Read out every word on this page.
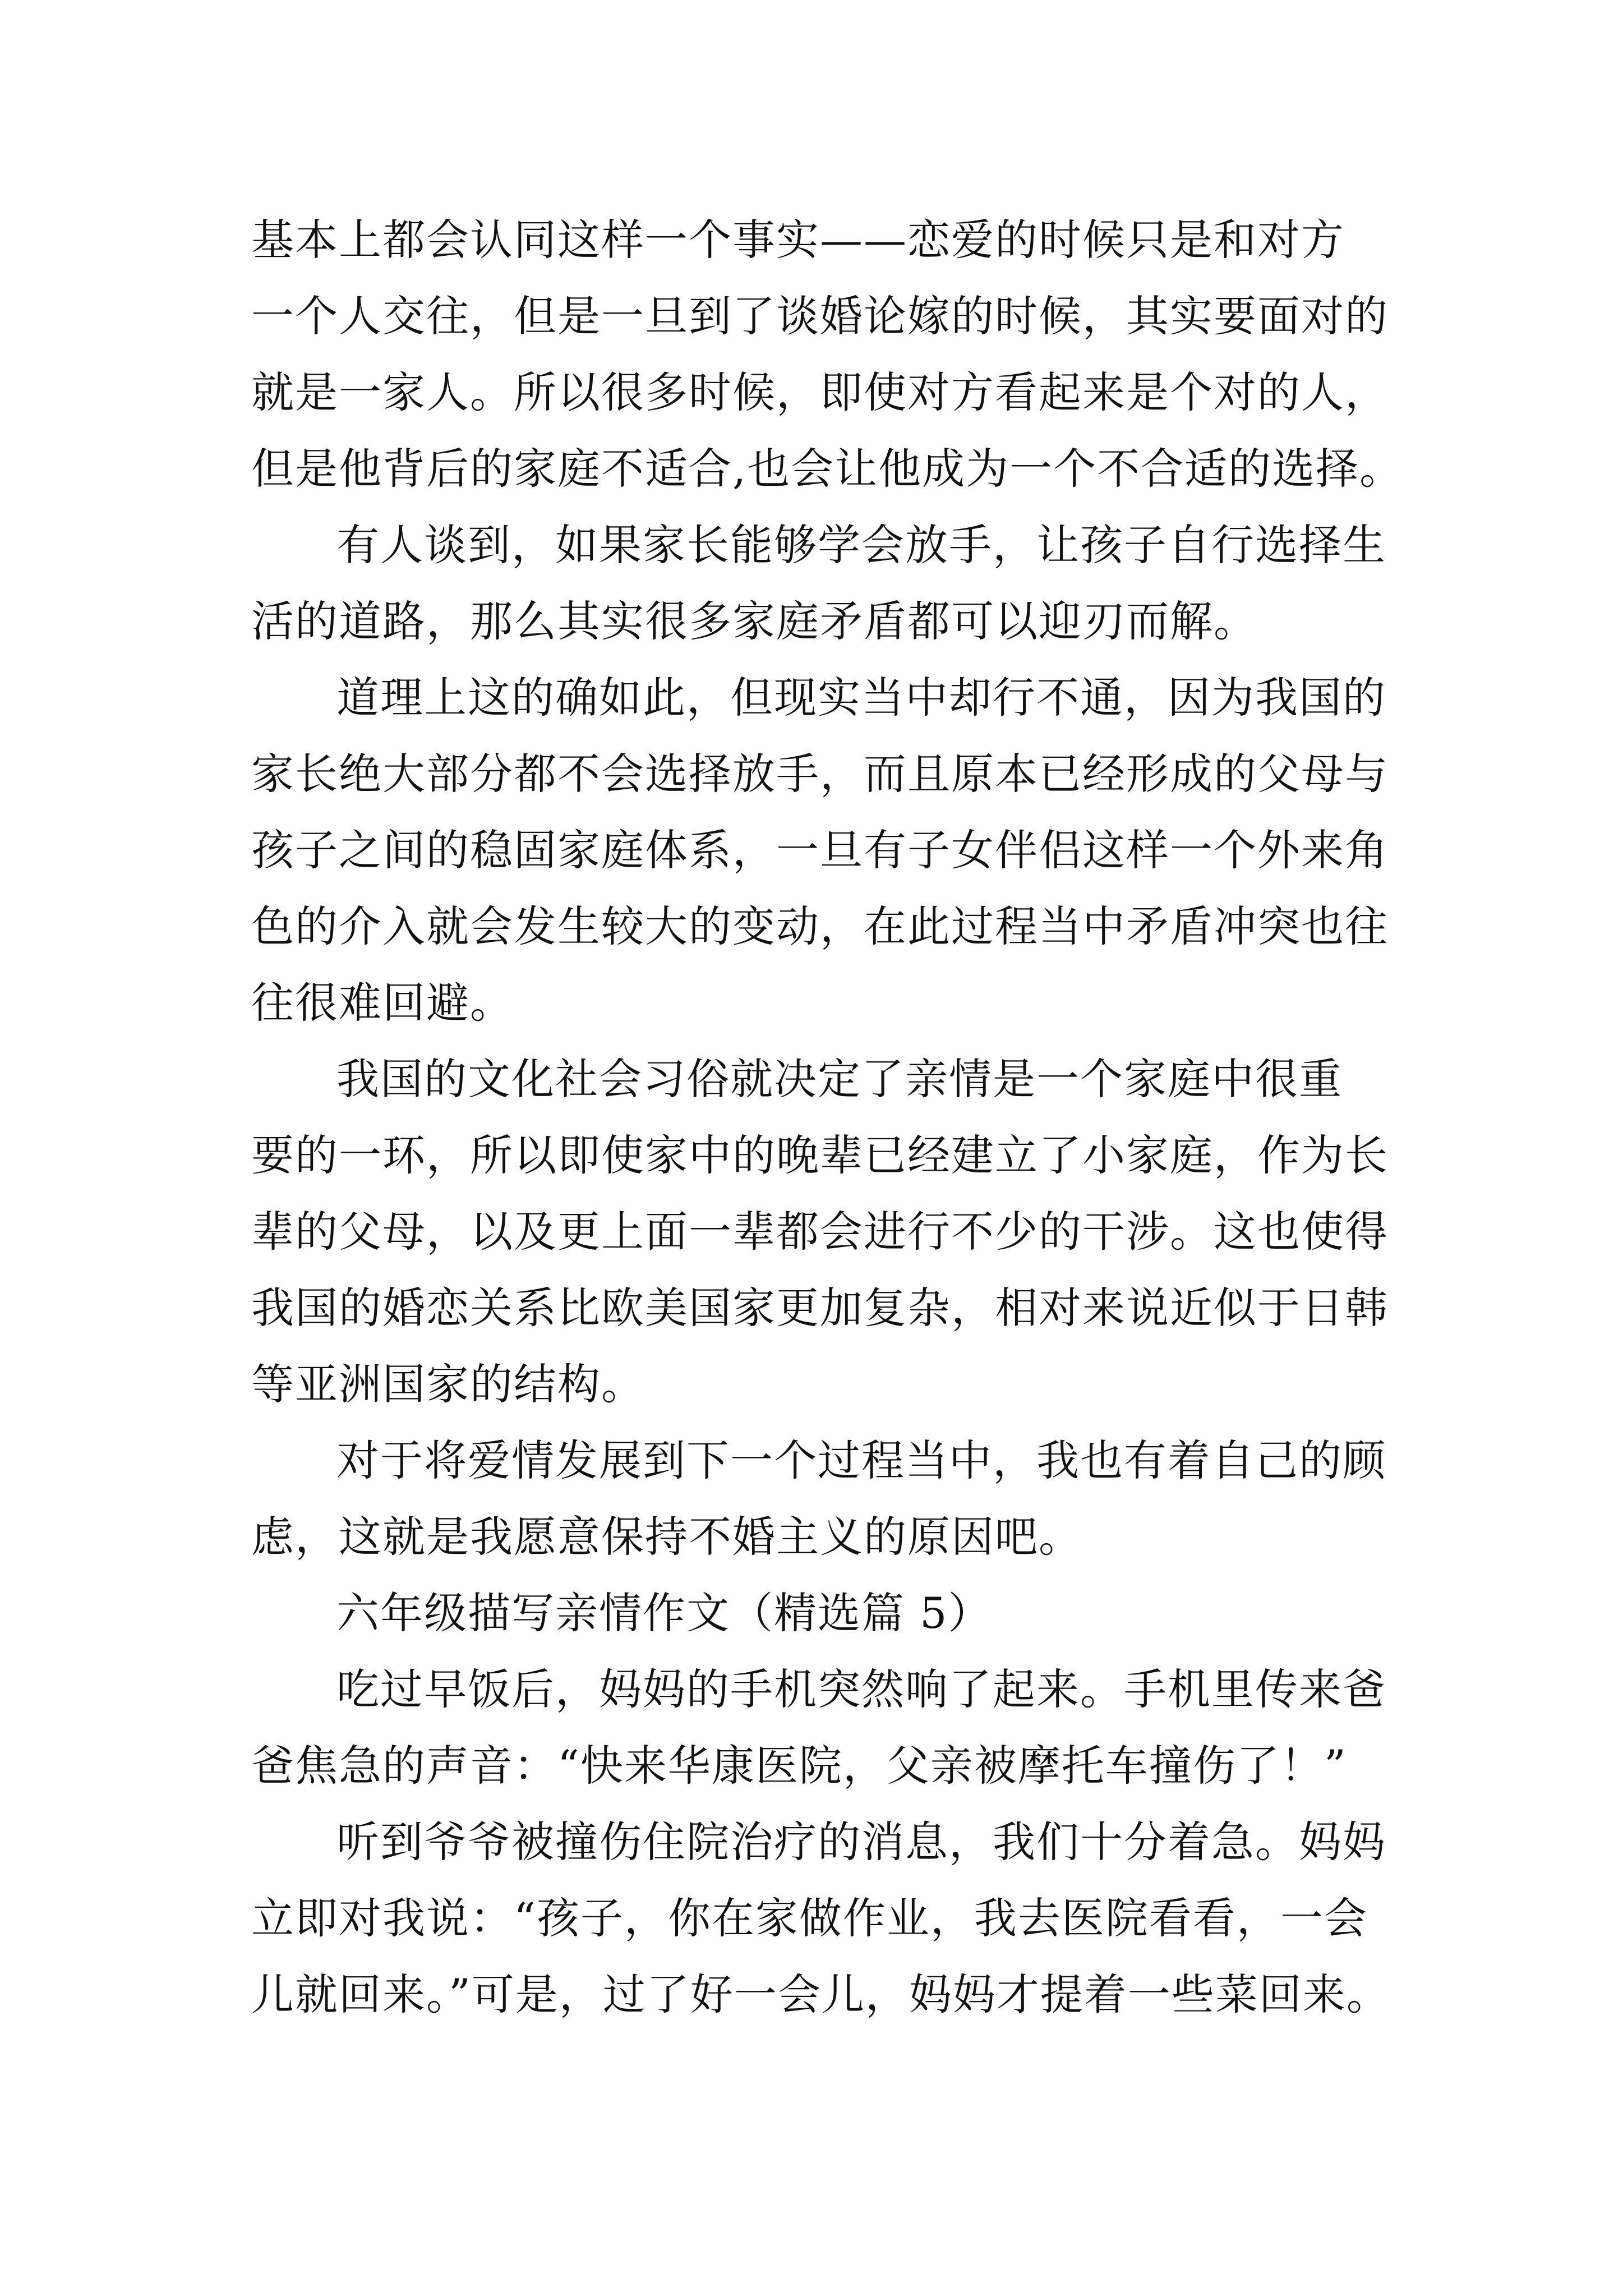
基本上都会认同这样一个事实——恋爱的时候只是和对方
一个人交往，但是一旦到了谈婚论嫁的时候，其实要面对的
就是一家人。所以很多时候，即使对方看起来是个对的人，
但是他背后的家庭不适合,也会让他成为一个不合适的选择。
有人谈到，如果家长能够学会放手，让孩子自行选择生
活的道路，那么其实很多家庭矛盾都可以迎刃而解。
道理上这的确如此，但现实当中却行不通，因为我国的
家长绝大部分都不会选择放手，而且原本已经形成的父母与
孩子之间的稳固家庭体系，一旦有子女伴侣这样一个外来角
色的介入就会发生较大的变动，在此过程当中矛盾冲突也往
往很难回避。
我国的文化社会习俗就决定了亲情是一个家庭中很重
要的一环，所以即使家中的晚辈已经建立了小家庭，作为长
辈的父母，以及更上面一辈都会进行不少的干涉。这也使得
我国的婚恋关系比欧美国家更加复杂，相对来说近似于日韩
等亚洲国家的结构。
对于将爱情发展到下一个过程当中，我也有着自己的顾
虑，这就是我愿意保持不婚主义的原因吧。
六年级描写亲情作文（精选篇 5）
吃过早饭后，妈妈的手机突然响了起来。手机里传来爸
爸焦急的声音：“快来华康医院，父亲被摩托车撞伤了！”
听到爷爷被撞伤住院治疗的消息，我们十分着急。妈妈
立即对我说：“孩子，你在家做作业，我去医院看看，一会
儿就回来。”可是，过了好一会儿，妈妈才提着一些菜回来。
